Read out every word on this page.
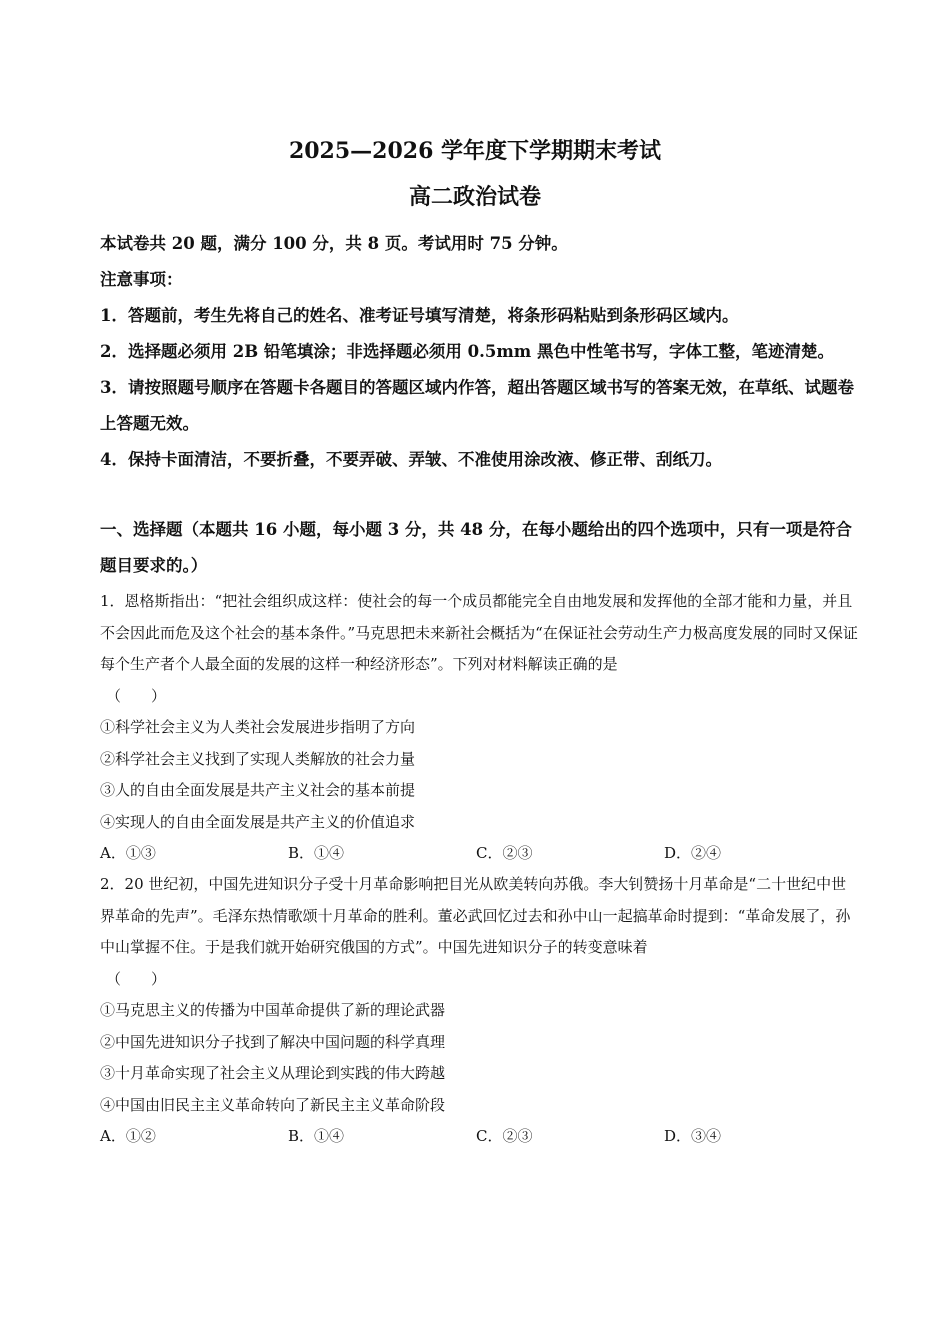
2025—2026 学年度下学期期末考试
高二政治试卷

本试卷共 20 题，满分 100 分，共 8 页。考试用时 75 分钟。

注意事项：

1．答题前，考生先将自己的姓名、准考证号填写清楚，将条形码粘贴到条形码区域内。

2．选择题必须用 2B 铅笔填涂；非选择题必须用 0.5mm 黑色中性笔书写，字体工整，笔迹清楚。

3．请按照题号顺序在答题卡各题目的答题区域内作答，超出答题区域书写的答案无效，在草纸、试题卷上答题无效。

4．保持卡面清洁，不要折叠，不要弄破、弄皱、不准使用涂改液、修正带、刮纸刀。

一、选择题（本题共 16 小题，每小题 3 分，共 48 分，在每小题给出的四个选项中，只有一项是符合题目要求的。）

1．恩格斯指出：“把社会组织成这样：使社会的每一个成员都能完全自由地发展和发挥他的全部才能和力量，并且不会因此而危及这个社会的基本条件。”马克思把未来新社会概括为“在保证社会劳动生产力极高度发展的同时又保证每个生产者个人最全面的发展的这样一种经济形态”。下列对材料解读正确的是

（　　）

①科学社会主义为人类社会发展进步指明了方向
②科学社会主义找到了实现人类解放的社会力量
③人的自由全面发展是共产主义社会的基本前提
④实现人的自由全面发展是共产主义的价值追求
A．①③	B．①④	C．②③	D．②④

2．20 世纪初，中国先进知识分子受十月革命影响把目光从欧美转向苏俄。李大钊赞扬十月革命是“二十世纪中世界革命的先声”。毛泽东热情歌颂十月革命的胜利。董必武回忆过去和孙中山一起搞革命时提到：“革命发展了，孙中山掌握不住。于是我们就开始研究俄国的方式”。中国先进知识分子的转变意味着

（　　）

①马克思主义的传播为中国革命提供了新的理论武器
②中国先进知识分子找到了解决中国问题的科学真理
③十月革命实现了社会主义从理论到实践的伟大跨越
④中国由旧民主主义革命转向了新民主主义革命阶段
A．①②	B．①④	C．②③	D．③④
